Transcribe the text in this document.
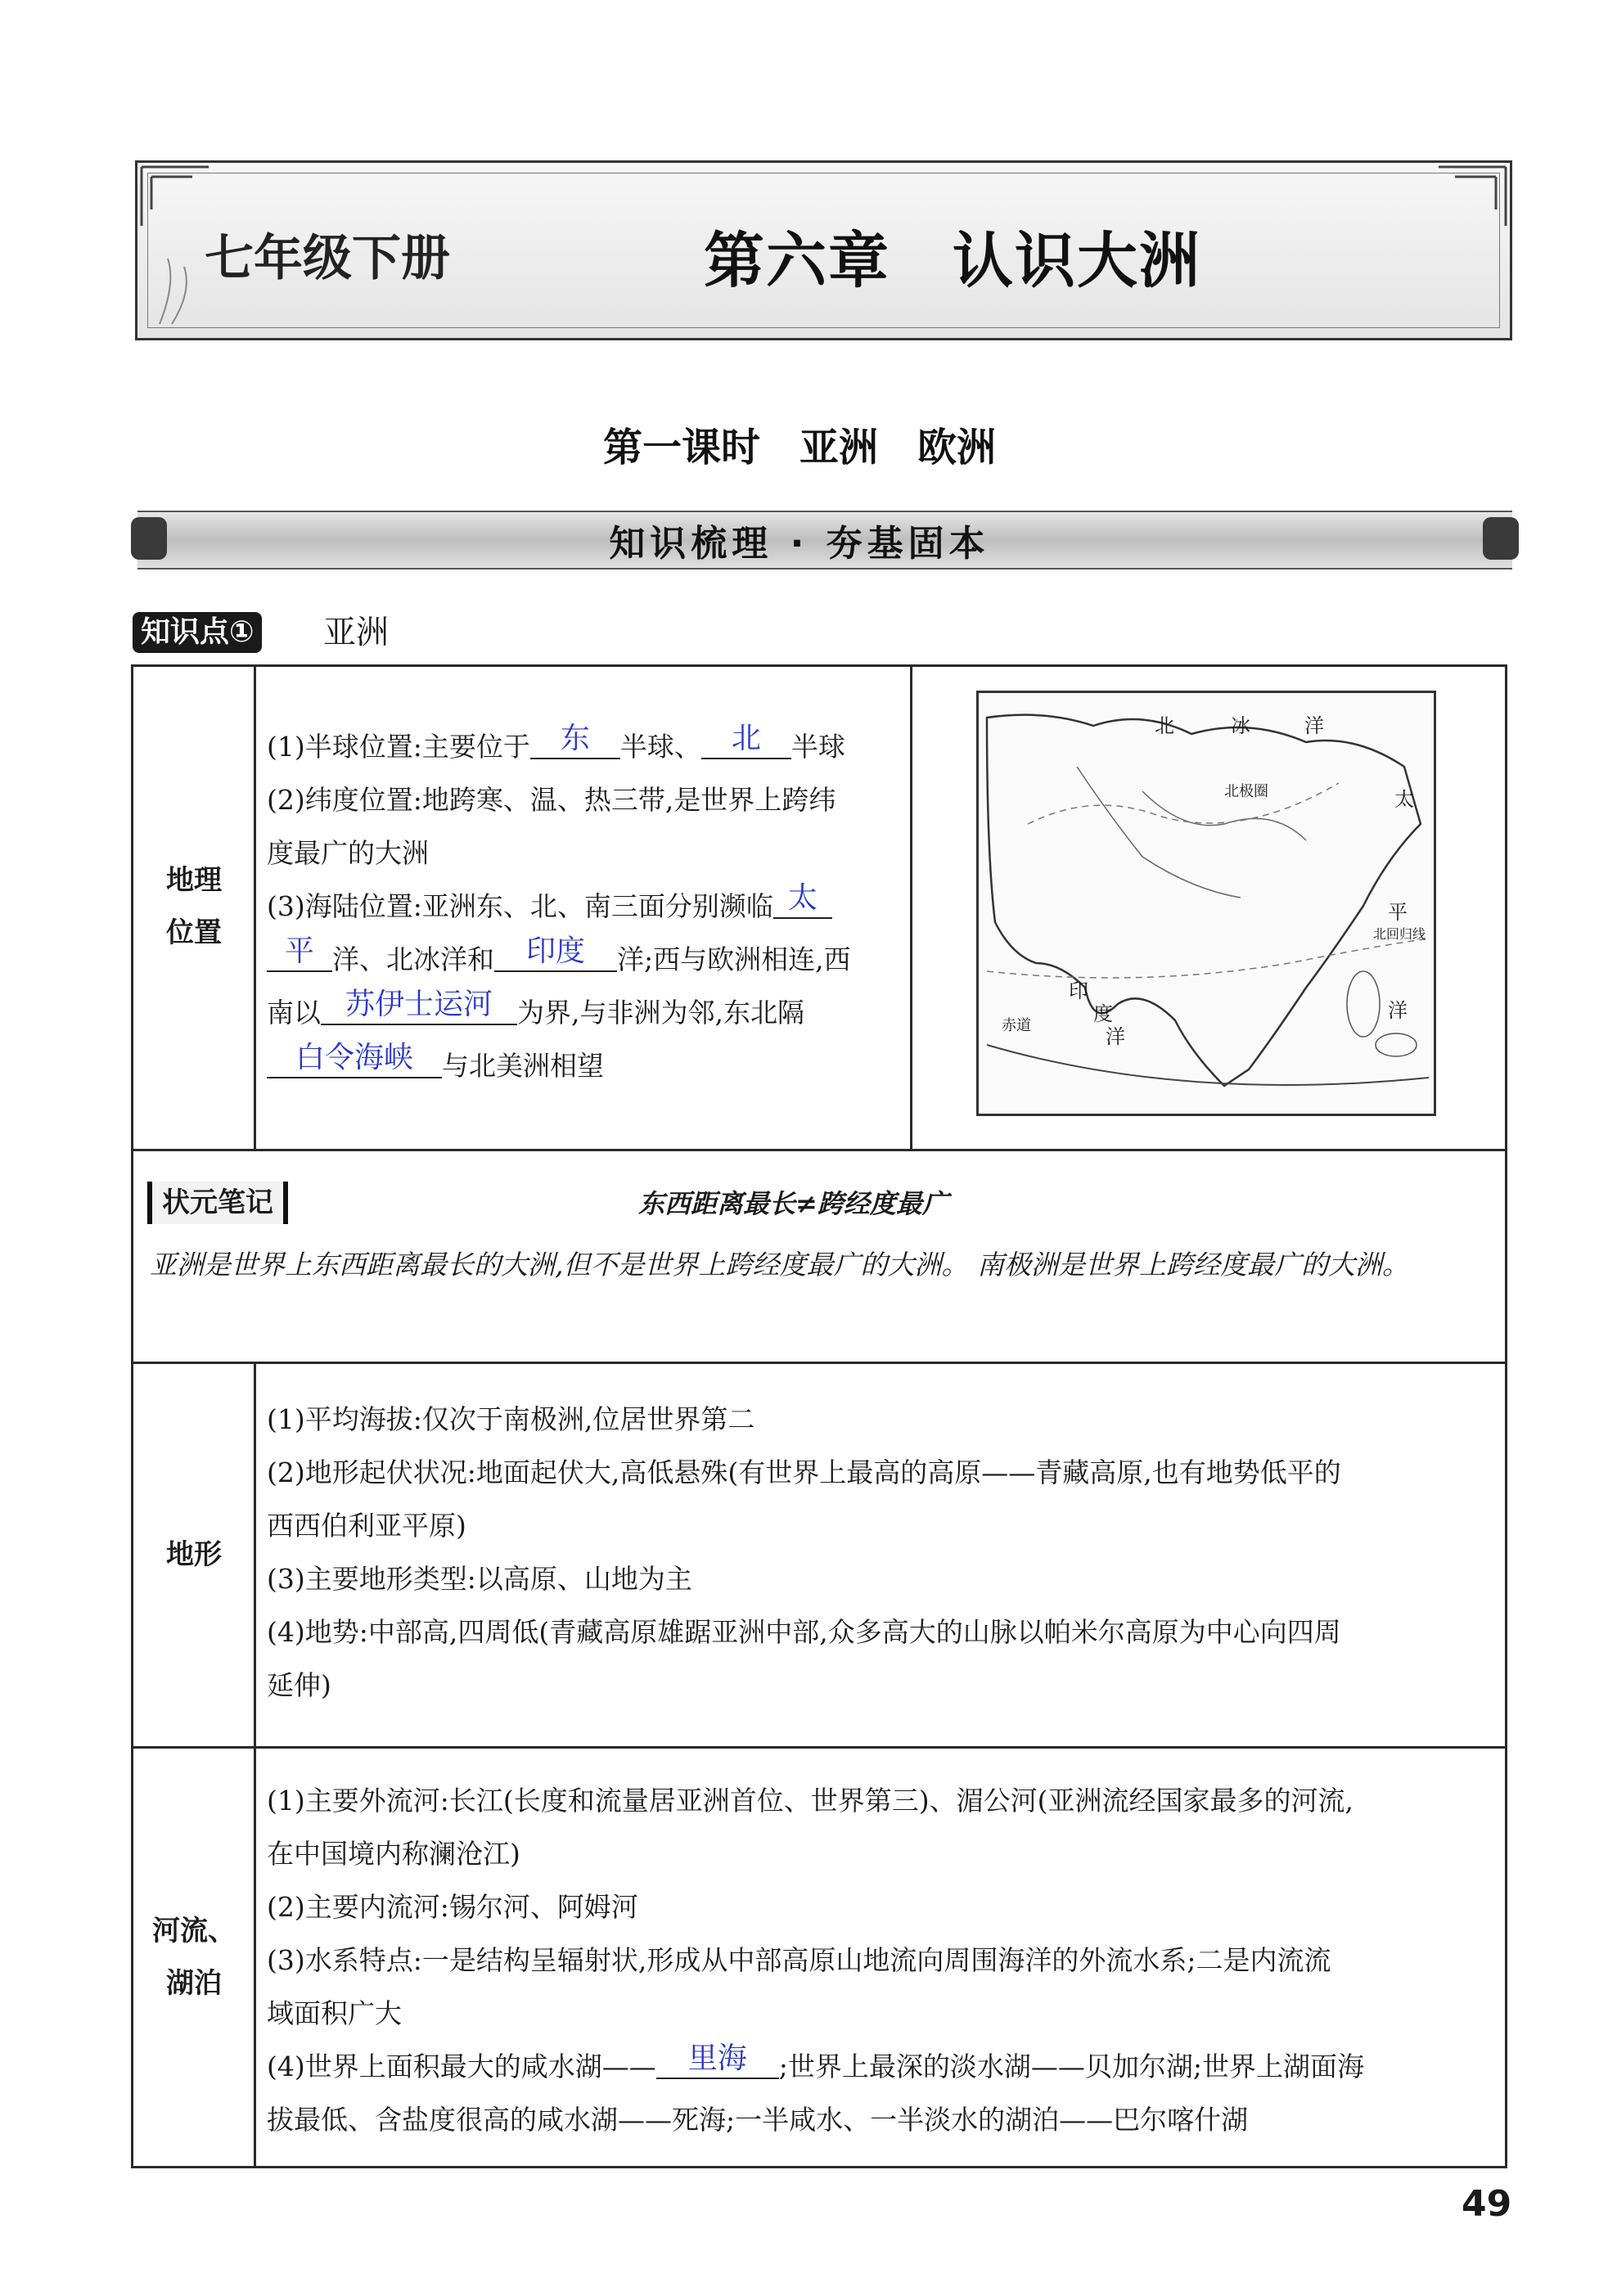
七年级下册	第六章　认识大洲
第一课时　亚洲　欧洲
知识梳理 · 夯基固本
知识点① 亚洲
地理
位置
(1)半球位置:主要位于 东 半球、 北 半球
(2)纬度位置:地跨寒、温、热三带,是世界上跨纬
度最广的大洲
(3)海陆位置:亚洲东、北、南三面分别濒临 太
平 洋、北冰洋和 印度 洋;西与欧洲相连,西
南以 苏伊士运河 为界,与非洲为邻,东北隔
白令海峡 与北美洲相望
北	冰	洋
北极圈	太
平
北回归线
洋
印
度
洋
赤道
状元笔记	东西距离最长≠跨经度最广
亚洲是世界上东西距离最长的大洲,但不是世界上跨经度最广的大洲。 南极洲是世界上跨经度最广的大洲。
地形
(1)平均海拔:仅次于南极洲,位居世界第二
(2)地形起伏状况:地面起伏大,高低悬殊(有世界上最高的高原——青藏高原,也有地势低平的
西西伯利亚平原)
(3)主要地形类型:以高原、山地为主
(4)地势:中部高,四周低(青藏高原雄踞亚洲中部,众多高大的山脉以帕米尔高原为中心向四周
延伸)
河流、
湖泊
(1)主要外流河:长江(长度和流量居亚洲首位、世界第三)、湄公河(亚洲流经国家最多的河流,
在中国境内称澜沧江)
(2)主要内流河:锡尔河、阿姆河
(3)水系特点:一是结构呈辐射状,形成从中部高原山地流向周围海洋的外流水系;二是内流流
域面积广大
(4)世界上面积最大的咸水湖—— 里海 ;世界上最深的淡水湖——贝加尔湖;世界上湖面海
拔最低、含盐度很高的咸水湖——死海;一半咸水、一半淡水的湖泊——巴尔喀什湖
49
